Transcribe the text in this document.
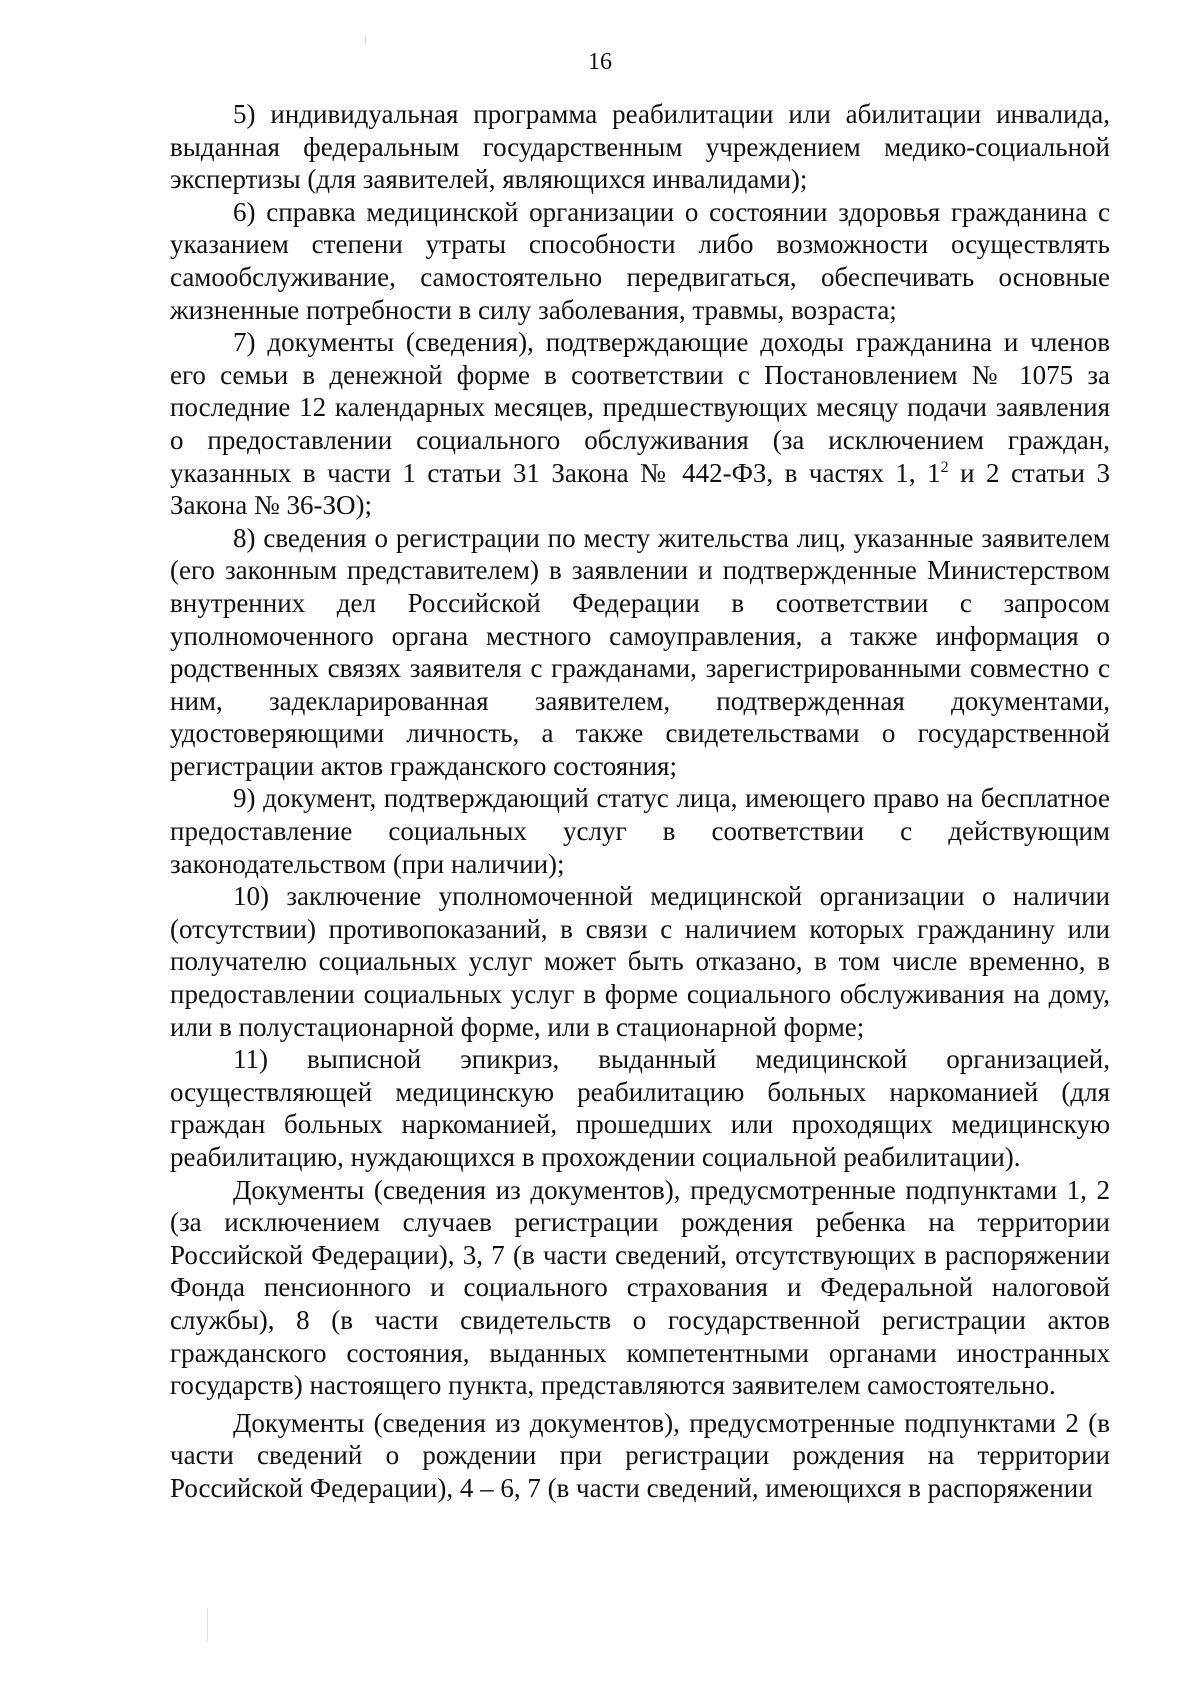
16

5) индивидуальная программа реабилитации или абилитации инвалида, выданная федеральным государственным учреждением медико-социальной экспертизы (для заявителей, являющихся инвалидами);

6) справка медицинской организации о состоянии здоровья гражданина с указанием степени утраты способности либо возможности осуществлять самообслуживание, самостоятельно передвигаться, обеспечивать основные жизненные потребности в силу заболевания, травмы, возраста;

7) документы (сведения), подтверждающие доходы гражданина и членов его семьи в денежной форме в соответствии с Постановлением № 1075 за последние 12 календарных месяцев, предшествующих месяцу подачи заявления о предоставлении социального обслуживания (за исключением граждан, указанных в части 1 статьи 31 Закона № 442-ФЗ, в частях 1, $1^2$ и 2 статьи 3 Закона № 36-ЗО);

8) сведения о регистрации по месту жительства лиц, указанные заявителем (его законным представителем) в заявлении и подтвержденные Министерством внутренних дел Российской Федерации в соответствии с запросом уполномоченного органа местного самоуправления, а также информация о родственных связях заявителя с гражданами, зарегистрированными совместно с ним, задекларированная заявителем, подтвержденная документами, удостоверяющими личность, а также свидетельствами о государственной регистрации актов гражданского состояния;

9) документ, подтверждающий статус лица, имеющего право на бесплатное предоставление социальных услуг в соответствии с действующим законодательством (при наличии);

10) заключение уполномоченной медицинской организации о наличии (отсутствии) противопоказаний, в связи с наличием которых гражданину или получателю социальных услуг может быть отказано, в том числе временно, в предоставлении социальных услуг в форме социального обслуживания на дому, или в полустационарной форме, или в стационарной форме;

11) выписной эпикриз, выданный медицинской организацией, осуществляющей медицинскую реабилитацию больных наркоманией (для граждан больных наркоманией, прошедших или проходящих медицинскую реабилитацию, нуждающихся в прохождении социальной реабилитации).

Документы (сведения из документов), предусмотренные подпунктами 1, 2 (за исключением случаев регистрации рождения ребенка на территории Российской Федерации), 3, 7 (в части сведений, отсутствующих в распоряжении Фонда пенсионного и социального страхования и Федеральной налоговой службы), 8 (в части свидетельств о государственной регистрации актов гражданского состояния, выданных компетентными органами иностранных государств) настоящего пункта, представляются заявителем самостоятельно.

Документы (сведения из документов), предусмотренные подпунктами 2 (в части сведений о рождении при регистрации рождения на территории Российской Федерации), 4 – 6, 7 (в части сведений, имеющихся в распоряжении
